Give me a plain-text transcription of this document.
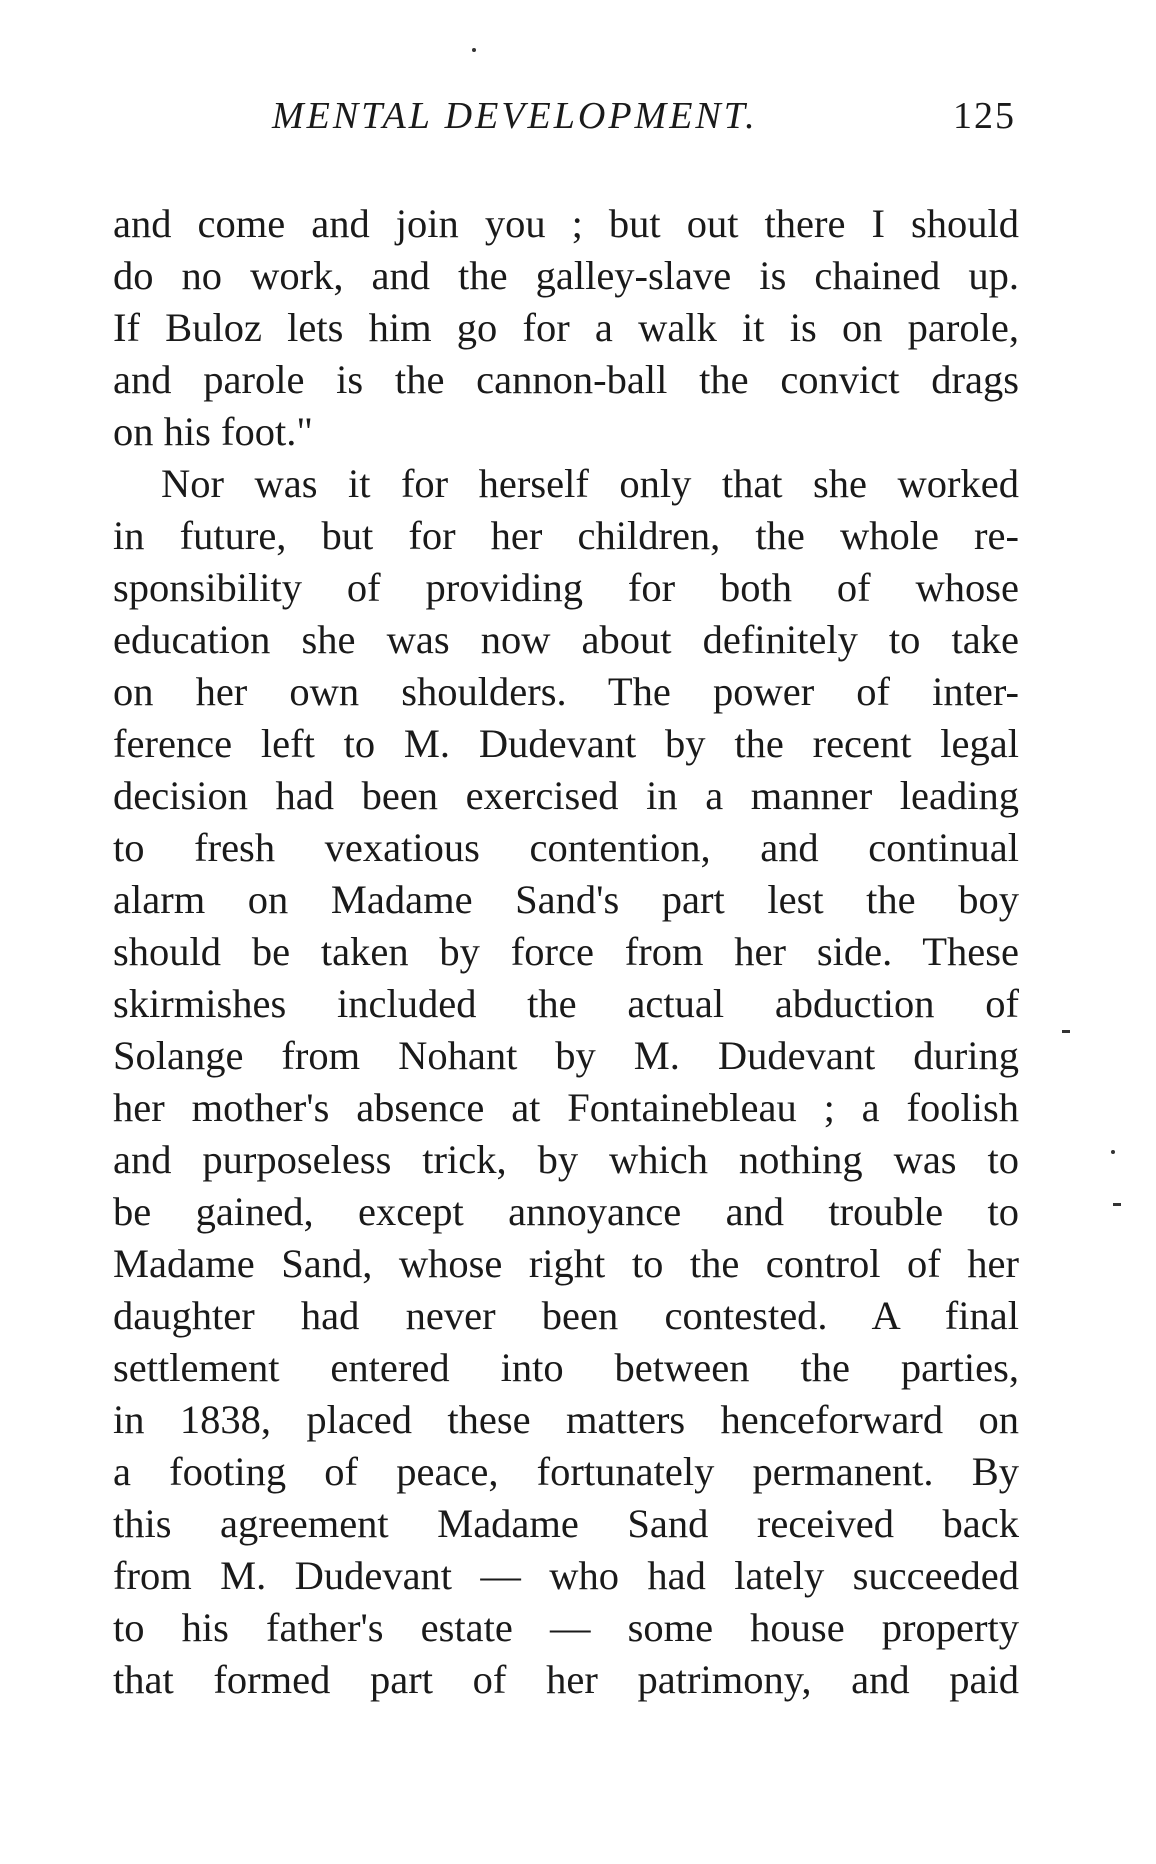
MENTAL DEVELOPMENT.	125
and come and join you ; but out there I should
do no work, and the galley-slave is chained up.
If Buloz lets him go for a walk it is on parole,
and parole is the cannon-ball the convict drags
on his foot."
Nor was it for herself only that she worked
in future, but for her children, the whole re-
sponsibility of providing for both of whose
education she was now about definitely to take
on her own shoulders. The power of inter-
ference left to M. Dudevant by the recent legal
decision had been exercised in a manner leading
to fresh vexatious contention, and continual
alarm on Madame Sand's part lest the boy
should be taken by force from her side. These
skirmishes included the actual abduction of
Solange from Nohant by M. Dudevant during
her mother's absence at Fontainebleau ; a foolish
and purposeless trick, by which nothing was to
be gained, except annoyance and trouble to
Madame Sand, whose right to the control of her
daughter had never been contested. A final
settlement entered into between the parties,
in 1838, placed these matters henceforward on
a footing of peace, fortunately permanent. By
this agreement Madame Sand received back
from M. Dudevant — who had lately succeeded
to his father's estate — some house property
that formed part of her patrimony, and paid
